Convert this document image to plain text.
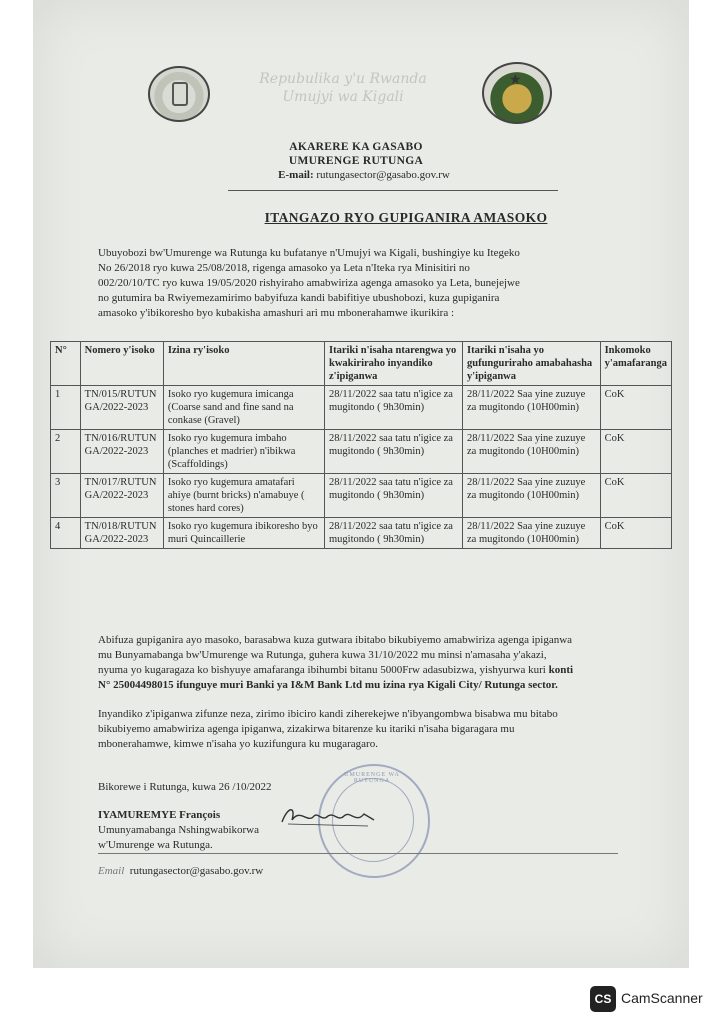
Repubulika y'u Rwanda
Umujyi wa Kigali
★
AKARERE KA GASABO
UMURENGE RUTUNGA
E-mail: rutungasector@gasabo.gov.rw
ITANGAZO RYO GUPIGANIRA AMASOKO
Ubuyobozi bw'Umurenge wa Rutunga ku bufatanye n'Umujyi wa Kigali, bushingiye ku Itegeko
No 26/2018 ryo kuwa 25/08/2018, rigenga amasoko ya Leta n'Iteka rya Minisitiri no
002/20/10/TC ryo kuwa 19/05/2020 rishyiraho amabwiriza agenga amasoko ya Leta, bunejejwe
no gutumira ba Rwiyemezamirimo babyifuza kandi babifitiye ubushobozi, kuza gupiganira
amasoko y'ibikoresho byo kubakisha amashuri ari mu mbonerahamwe ikurikira :
N°	Nomero y'isoko	Izina ry'isoko	Itariki n'isaha ntarengwa yo kwakiriraho inyandiko z'ipiganwa	Itariki n'isaha yo gufunguriraho amabahasha y'ipiganwa	Inkomoko y'amafaranga
1	TN/015/RUTUNGA/2022-2023	Isoko ryo kugemura imicanga (Coarse sand and fine sand na conkase (Gravel)	28/11/2022 saa tatu n'igice za mugitondo ( 9h30min)	28/11/2022 Saa yine zuzuye za mugitondo (10H00min)	CoK
2	TN/016/RUTUNGA/2022-2023	Isoko ryo kugemura imbaho (planches et madrier) n'ibikwa (Scaffoldings)	28/11/2022 saa tatu n'igice za mugitondo ( 9h30min)	28/11/2022 Saa yine zuzuye za mugitondo (10H00min)	CoK
3	TN/017/RUTUNGA/2022-2023	Isoko ryo kugemura amatafari ahiye (burnt bricks) n'amabuye ( stones hard cores)	28/11/2022 saa tatu n'igice za mugitondo ( 9h30min)	28/11/2022 Saa yine zuzuye za mugitondo (10H00min)	CoK
4	TN/018/RUTUNGA/2022-2023	Isoko ryo kugemura ibikoresho byo muri Quincaillerie	28/11/2022 saa tatu n'igice za mugitondo ( 9h30min)	28/11/2022 Saa yine zuzuye za mugitondo (10H00min)	CoK
Abifuza gupiganira ayo masoko, barasabwa kuza gutwara ibitabo bikubiyemo amabwiriza agenga ipiganwa
mu Bunyamabanga bw'Umurenge wa Rutunga, guhera kuwa 31/10/2022 mu minsi n'amasaha y'akazi,
nyuma yo kugaragaza ko bishyuye amafaranga ibihumbi bitanu 5000Frw adasubizwa, yishyurwa kuri konti
N° 25004498015 ifunguye muri Banki ya I&M Bank Ltd mu izina rya Kigali City/ Rutunga sector.
Inyandiko z'ipiganwa zifunze neza, zirimo ibiciro kandi ziherekejwe n'ibyangombwa bisabwa mu bitabo
bikubiyemo amabwiriza agenga ipiganwa, zizakirwa bitarenze ku itariki n'isaha bigaragara mu
mbonerahamwe, kimwe n'isaha yo kuzifungura ku mugaragaro.
Bikorewe i Rutunga, kuwa 26 /10/2022
UMURENGE WA RUTUNGA
IYAMUREMYE François
Umunyamabanga Nshingwabikorwa
w'Umurenge wa Rutunga.
Email rutungasector@gasabo.gov.rw
CS CamScanner
